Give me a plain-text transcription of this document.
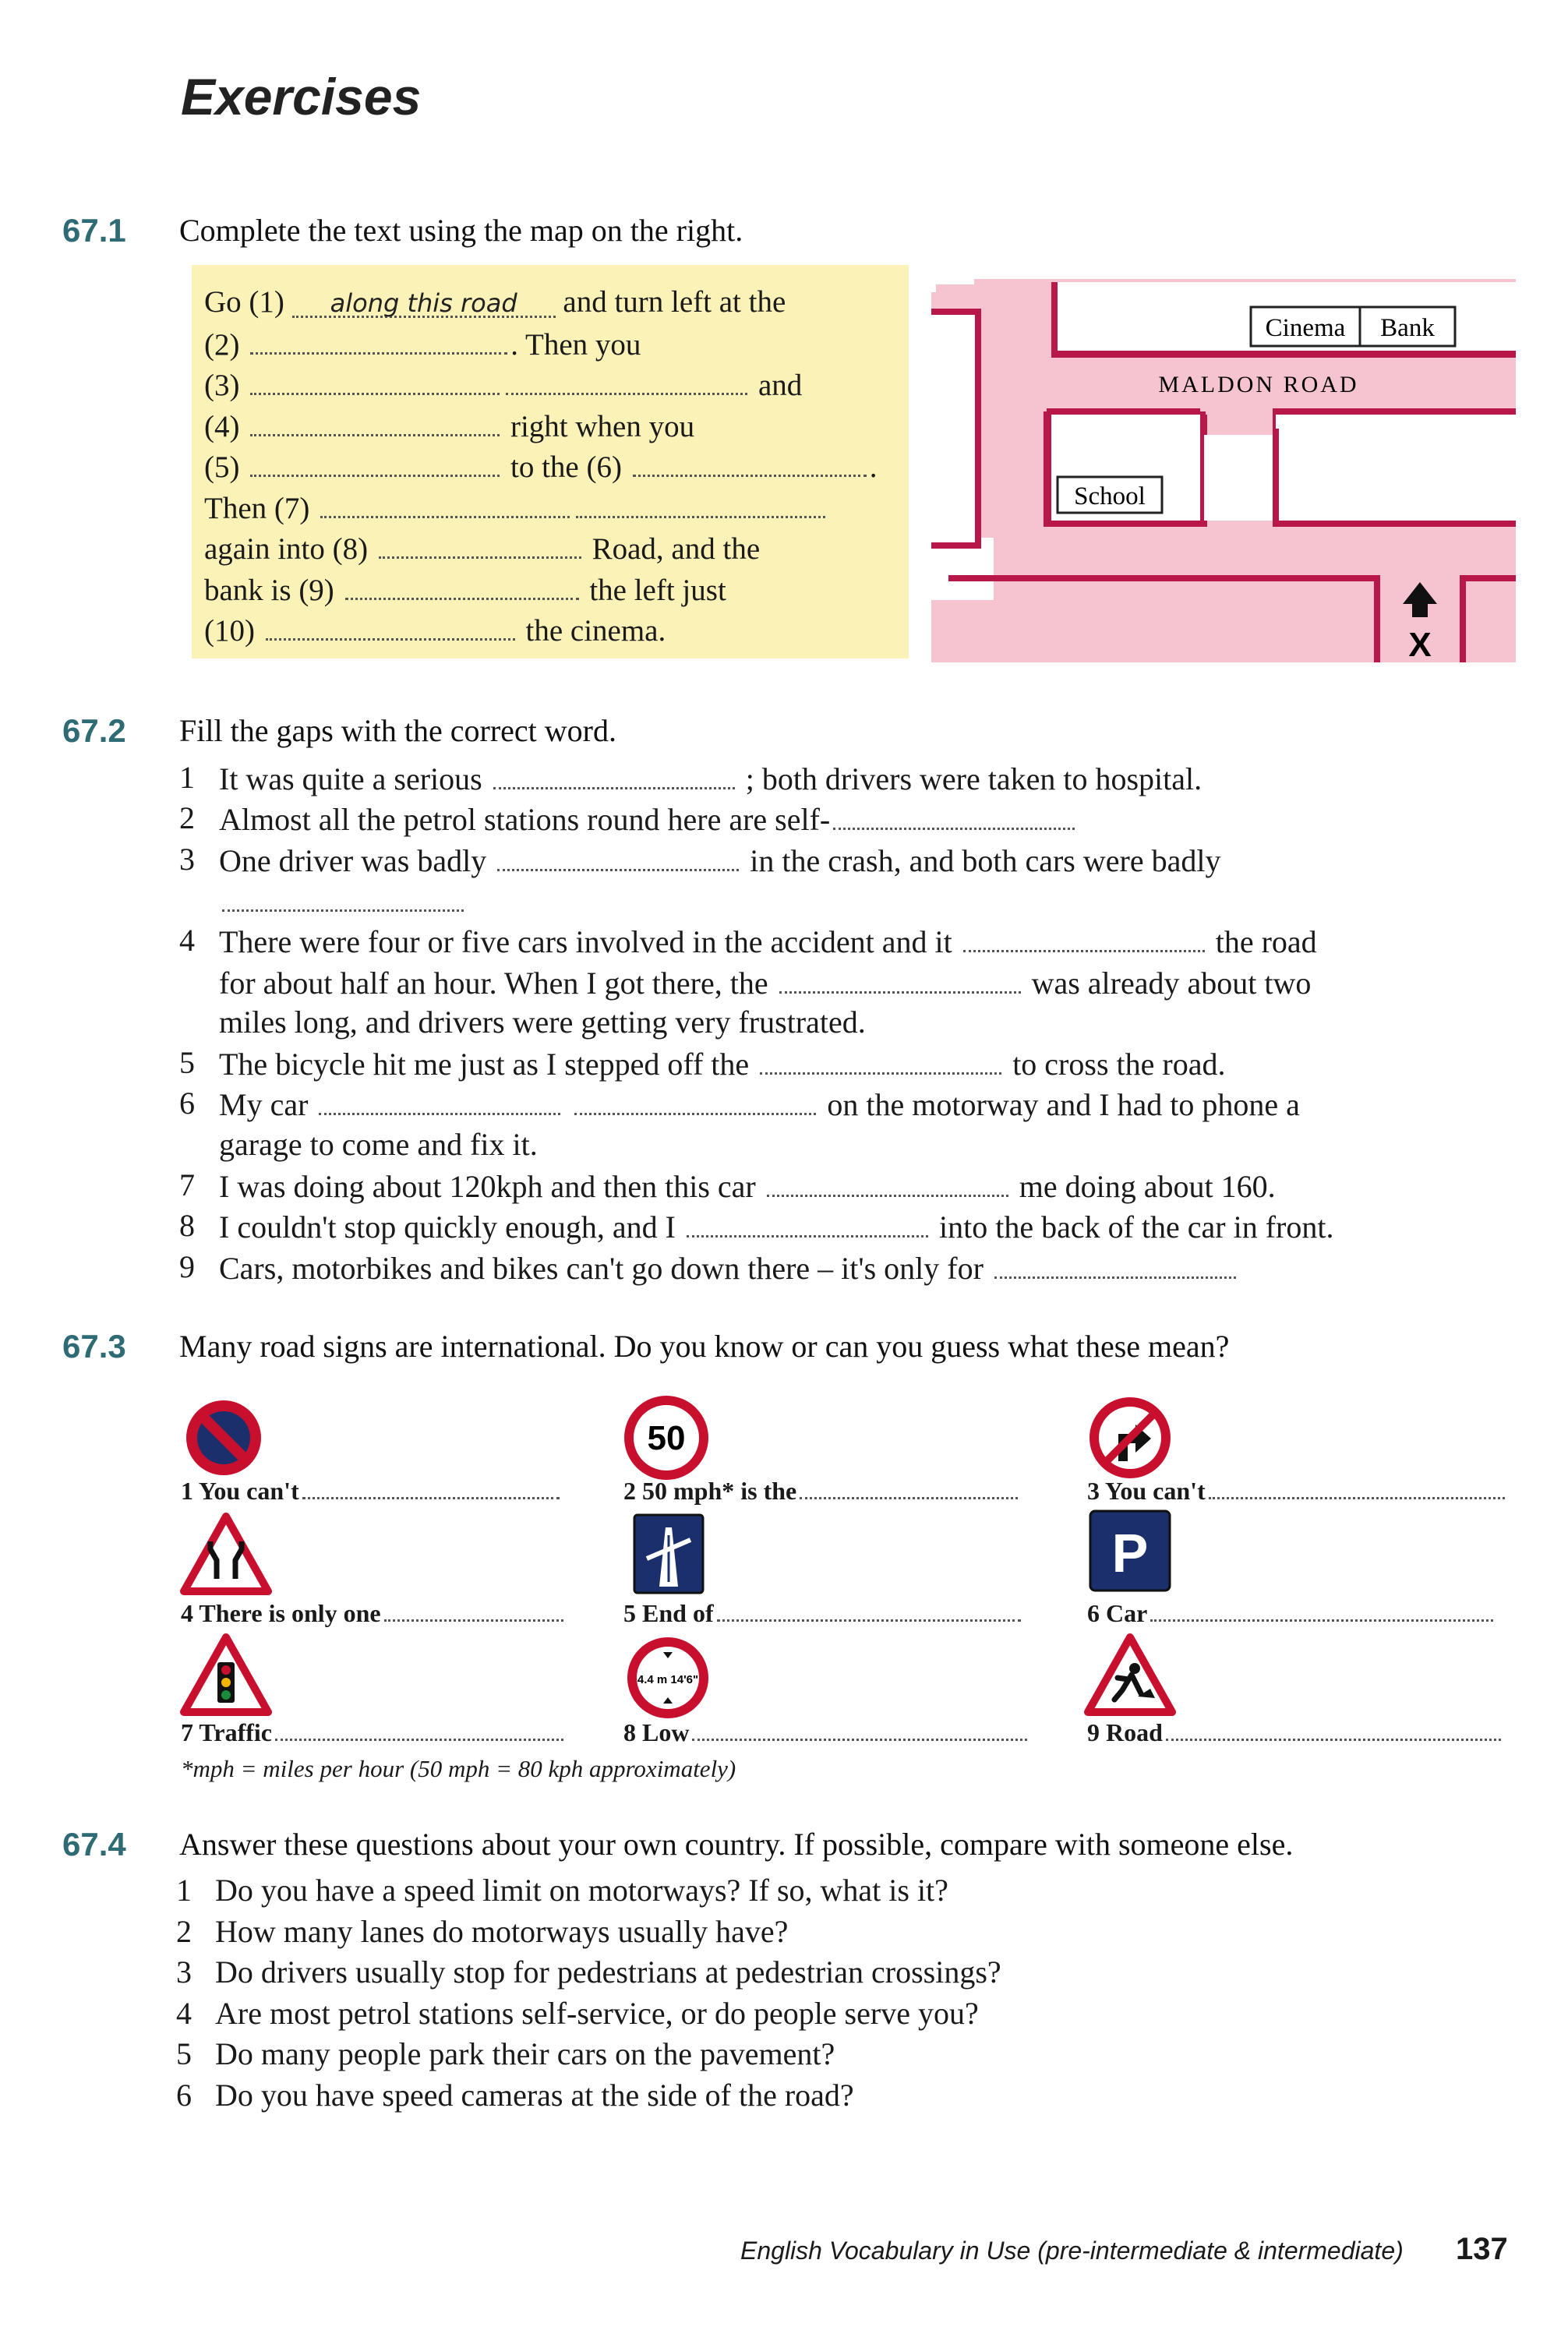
Exercises
67.1 Complete the text using the map on the right.
Go (1) along this road and turn left at the
(2)	. Then you
(3)	and
(4)	right when you
(5)	to the (6)	.
Then (7)
again into (8)	Road, and the
bank is (9)	the left just
(10)	the cinema.
Cinema Bank
MALDON ROAD
School
X
67.2 Fill the gaps with the correct word.
1 It was quite a serious	; both drivers were taken to hospital.
2 Almost all the petrol stations round here are self-
3 One driver was badly	in the crash, and both cars were badly
4 There were four or five cars involved in the accident and it	the road
for about half an hour. When I got there, the	was already about two
miles long, and drivers were getting very frustrated.
5 The bicycle hit me just as I stepped off the	to cross the road.
6 My car	on the motorway and I had to phone a
garage to come and fix it.
7 I was doing about 120kph and then this car	me doing about 160.
8 I couldn't stop quickly enough, and I	into the back of the car in front.
9 Cars, motorbikes and bikes can't go down there – it's only for
67.3 Many road signs are international. Do you know or can you guess what these mean?
50
P
4.4 m 14'6"
1 You can't	2 50 mph* is the	3 You can't
4 There is only one	5 End of	6 Car
7 Traffic	8 Low	9 Road
*mph = miles per hour (50 mph = 80 kph approximately)
67.4 Answer these questions about your own country. If possible, compare with someone else.
1 Do you have a speed limit on motorways? If so, what is it?
2 How many lanes do motorways usually have?
3 Do drivers usually stop for pedestrians at pedestrian crossings?
4 Are most petrol stations self-service, or do people serve you?
5 Do many people park their cars on the pavement?
6 Do you have speed cameras at the side of the road?
English Vocabulary in Use (pre-intermediate & intermediate) 137
